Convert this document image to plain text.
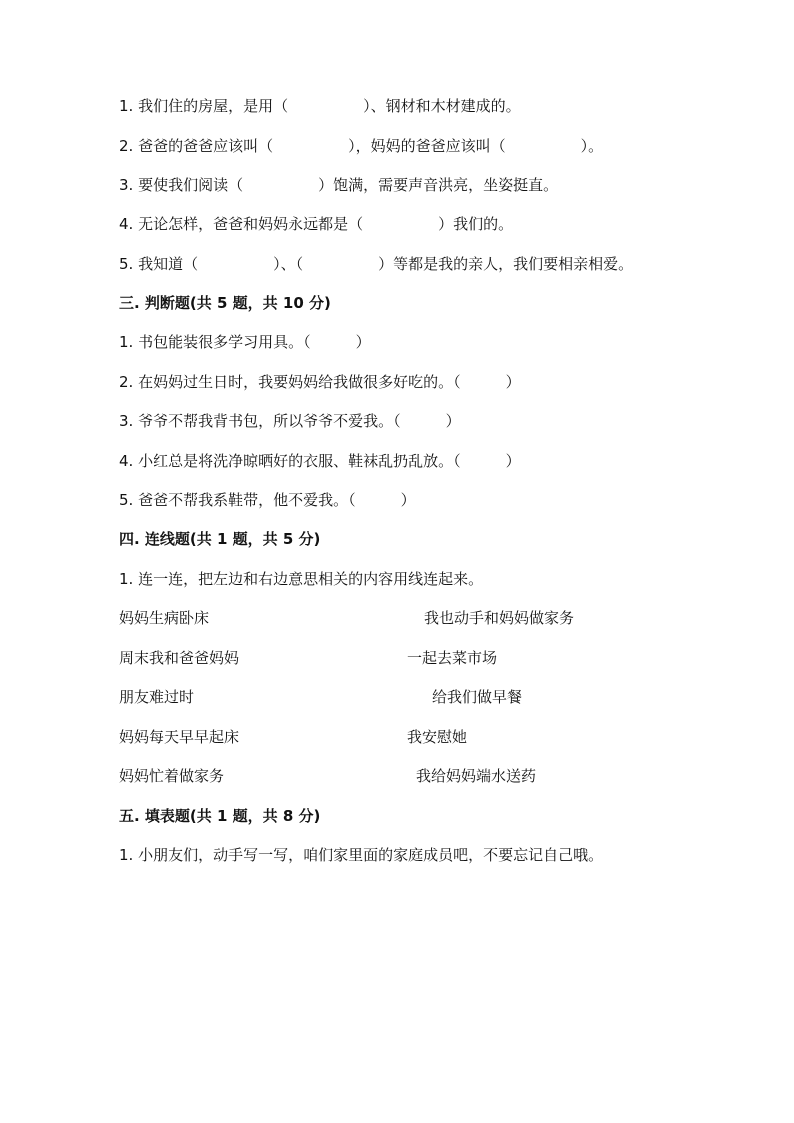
1. 我们住的房屋，是用（　　　　　）、钢材和木材建成的。
2. 爸爸的爸爸应该叫（　　　　　），妈妈的爸爸应该叫（　　　　　）。
3. 要使我们阅读（　　　　　）饱满，需要声音洪亮，坐姿挺直。
4. 无论怎样，爸爸和妈妈永远都是（　　　　　）我们的。
5. 我知道（　　　　　）、（　　　　　）等都是我的亲人，我们要相亲相爱。
三. 判断题(共 5 题，共 10 分)
1. 书包能装很多学习用具。（　　　）
2. 在妈妈过生日时，我要妈妈给我做很多好吃的。（　　　）
3. 爷爷不帮我背书包，所以爷爷不爱我。（　　　）
4. 小红总是将洗净晾晒好的衣服、鞋袜乱扔乱放。（　　　）
5. 爸爸不帮我系鞋带，他不爱我。（　　　）
四. 连线题(共 1 题，共 5 分)
1. 连一连，把左边和右边意思相关的内容用线连起来。
妈妈生病卧床	我也动手和妈妈做家务
周末我和爸爸妈妈	一起去菜市场
朋友难过时	给我们做早餐
妈妈每天早早起床	我安慰她
妈妈忙着做家务	我给妈妈端水送药
五. 填表题(共 1 题，共 8 分)
1. 小朋友们，动手写一写，咱们家里面的家庭成员吧，不要忘记自己哦。
